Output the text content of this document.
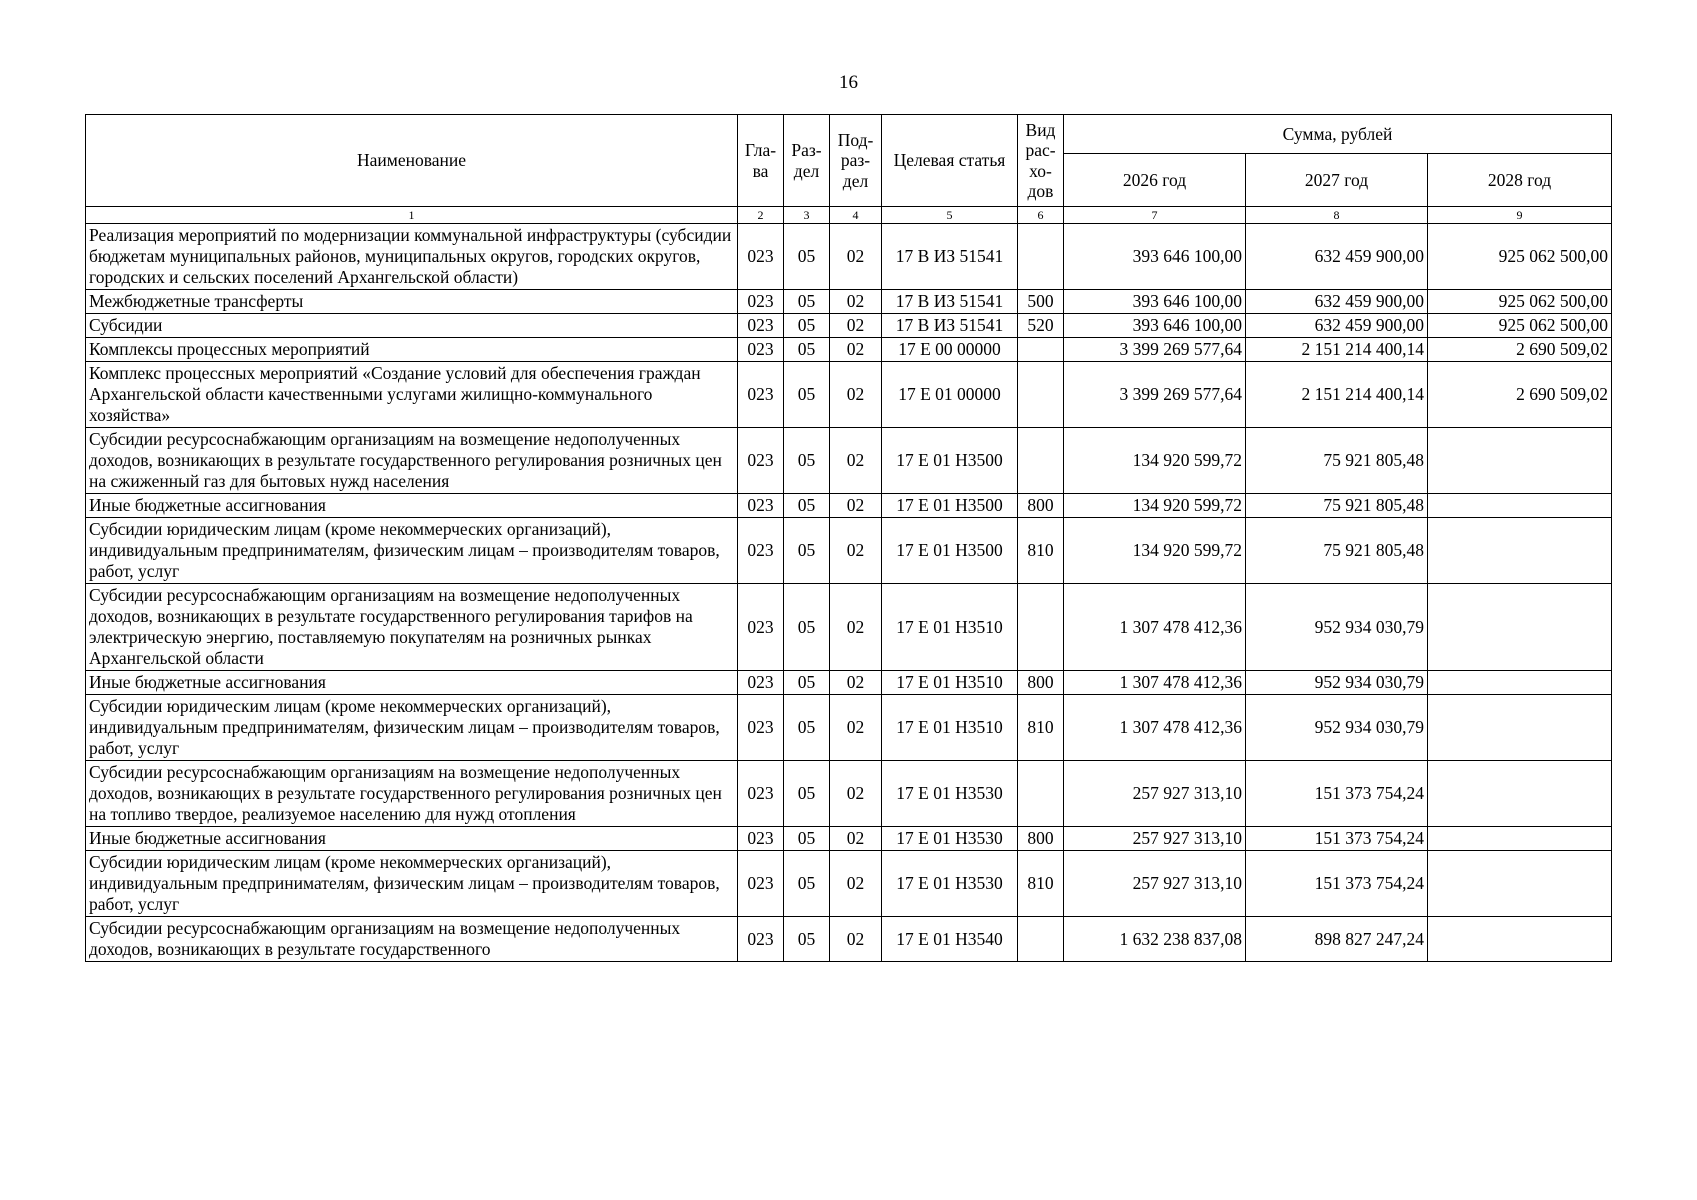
16
Наименование	Гла-ва	Раз-дел	Под-раз-дел	Целевая статья	Вид рас-хо-дов	Сумма, рублей		
						2026 год	2027 год	2028 год
1	2	3	4	5	6	7	8	9
Реализация мероприятий по модернизации коммунальной инфраструктуры (субсидии бюджетам муниципальных районов, муниципальных округов, городских округов, городских и сельских поселений Архангельской области)	023	05	02	17 В ИЗ 51541		393 646 100,00	632 459 900,00	925 062 500,00
Межбюджетные трансферты	023	05	02	17 В ИЗ 51541	500	393 646 100,00	632 459 900,00	925 062 500,00
Субсидии	023	05	02	17 В ИЗ 51541	520	393 646 100,00	632 459 900,00	925 062 500,00
Комплексы процессных мероприятий	023	05	02	17 Е 00 00000		3 399 269 577,64	2 151 214 400,14	2 690 509,02
Комплекс процессных мероприятий «Создание условий для обеспечения граждан Архангельской области качественными услугами жилищно-коммунального хозяйства»	023	05	02	17 Е 01 00000		3 399 269 577,64	2 151 214 400,14	2 690 509,02
Субсидии ресурсоснабжающим организациям на возмещение недополученных доходов, возникающих в результате государственного регулирования розничных цен на сжиженный газ для бытовых нужд населения	023	05	02	17 Е 01 Н3500		134 920 599,72	75 921 805,48	
Иные бюджетные ассигнования	023	05	02	17 Е 01 Н3500	800	134 920 599,72	75 921 805,48	
Субсидии юридическим лицам (кроме некоммерческих организаций), индивидуальным предпринимателям, физическим лицам – производителям товаров, работ, услуг	023	05	02	17 Е 01 Н3500	810	134 920 599,72	75 921 805,48	
Субсидии ресурсоснабжающим организациям на возмещение недополученных доходов, возникающих в результате государственного регулирования тарифов на электрическую энергию, поставляемую покупателям на розничных рынках Архангельской области	023	05	02	17 Е 01 Н3510		1 307 478 412,36	952 934 030,79	
Иные бюджетные ассигнования	023	05	02	17 Е 01 Н3510	800	1 307 478 412,36	952 934 030,79	
Субсидии юридическим лицам (кроме некоммерческих организаций), индивидуальным предпринимателям, физическим лицам – производителям товаров, работ, услуг	023	05	02	17 Е 01 Н3510	810	1 307 478 412,36	952 934 030,79	
Субсидии ресурсоснабжающим организациям на возмещение недополученных доходов, возникающих в результате государственного регулирования розничных цен на топливо твердое, реализуемое населению для нужд отопления	023	05	02	17 Е 01 Н3530		257 927 313,10	151 373 754,24	
Иные бюджетные ассигнования	023	05	02	17 Е 01 Н3530	800	257 927 313,10	151 373 754,24	
Субсидии юридическим лицам (кроме некоммерческих организаций), индивидуальным предпринимателям, физическим лицам – производителям товаров, работ, услуг	023	05	02	17 Е 01 Н3530	810	257 927 313,10	151 373 754,24	
Субсидии ресурсоснабжающим организациям на возмещение недополученных доходов, возникающих в результате государственного	023	05	02	17 Е 01 Н3540		1 632 238 837,08	898 827 247,24	
